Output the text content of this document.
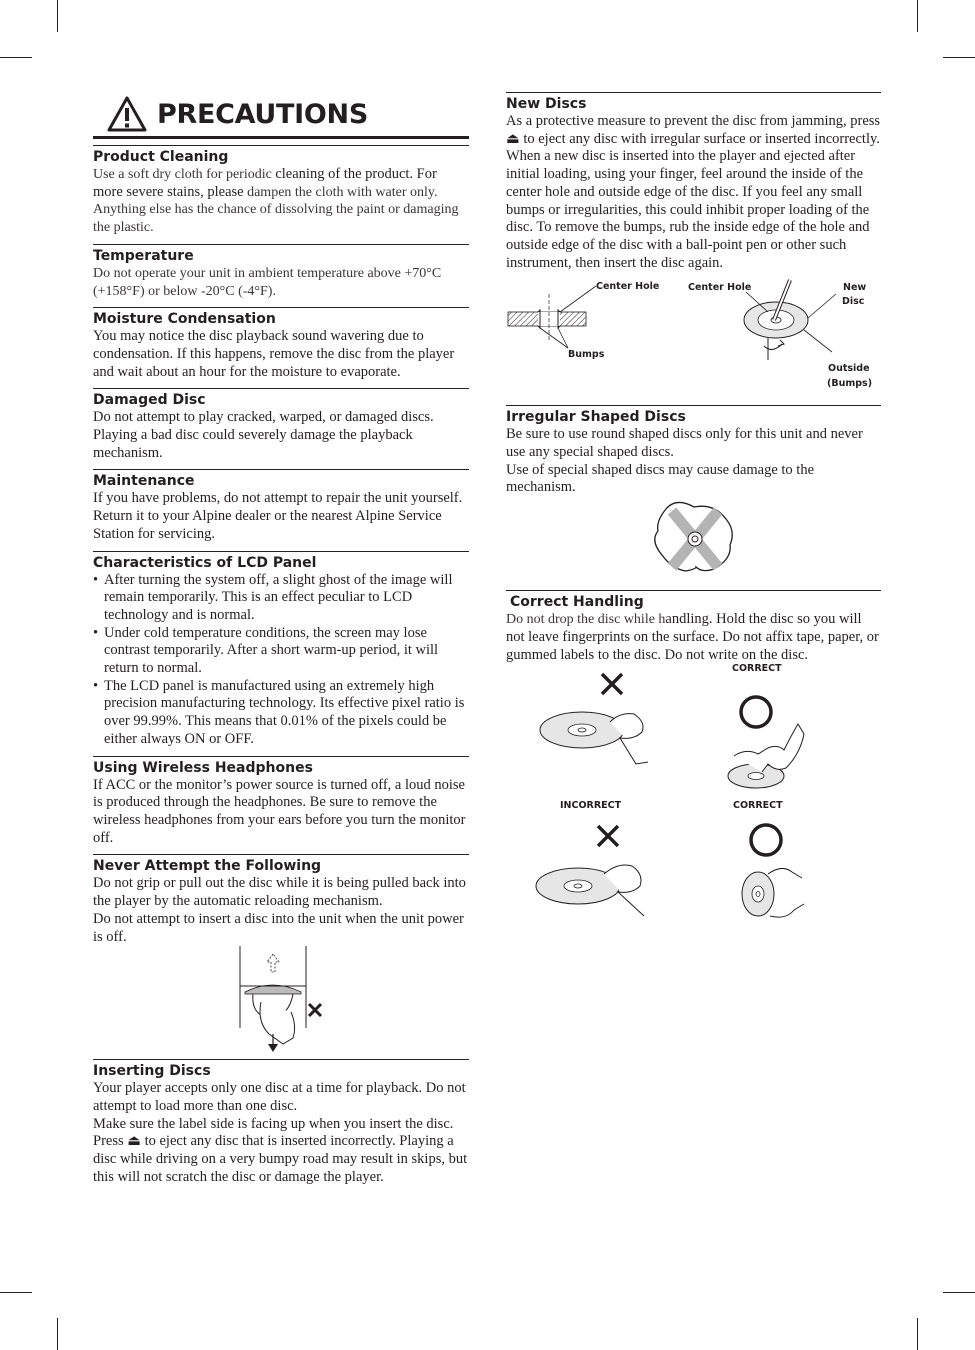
PRECAUTIONS
Product Cleaning

Use a soft dry cloth for periodic cleaning of the product. For more severe stains, please dampen the cloth with water only. Anything else has the chance of dissolving the paint or damaging the plastic.

Temperature

Do not operate your unit in ambient temperature above +70°C (+158°F) or below -20°C (-4°F).

Moisture Condensation

You may notice the disc playback sound wavering due to condensation. If this happens, remove the disc from the player and wait about an hour for the moisture to evaporate.

Damaged Disc

Do not attempt to play cracked, warped, or damaged discs. Playing a bad disc could severely damage the playback mechanism.

Maintenance

If you have problems, do not attempt to repair the unit yourself. Return it to your Alpine dealer or the nearest Alpine Service Station for servicing.

Characteristics of LCD Panel
• After turning the system off, a slight ghost of the image will remain temporarily. This is an effect peculiar to LCD technology and is normal.
• Under cold temperature conditions, the screen may lose contrast temporarily. After a short warm-up period, it will return to normal.
• The LCD panel is manufactured using an extremely high precision manufacturing technology. Its effective pixel ratio is over 99.99%. This means that 0.01% of the pixels could be either always ON or OFF.
Using Wireless Headphones

If ACC or the monitor’s power source is turned off, a loud noise is produced through the headphones. Be sure to remove the wireless headphones from your ears before you turn the monitor off.

Never Attempt the Following

Do not grip or pull out the disc while it is being pulled back into the player by the automatic reloading mechanism.

Do not attempt to insert a disc into the unit when the unit power is off.

Inserting Discs

Your player accepts only one disc at a time for playback. Do not attempt to load more than one disc.

Make sure the label side is facing up when you insert the disc. Press ⏏ to eject any disc that is inserted incorrectly. Playing a disc while driving on a very bumpy road may result in skips, but this will not scratch the disc or damage the player.

New Discs

As a protective measure to prevent the disc from jamming, press ⏏ to eject any disc with irregular surface or inserted incorrectly. When a new disc is inserted into the player and ejected after initial loading, using your finger, feel around the inside of the center hole and outside edge of the disc. If you feel any small bumps or irregularities, this could inhibit proper loading of the disc. To remove the bumps, rub the inside edge of the hole and outside edge of the disc with a ball-point pen or other such instrument, then insert the disc again.

Center Hole
Bumps
Center Hole	New
Disc
Outside
(Bumps)
Irregular Shaped Discs

Be sure to use round shaped discs only for this unit and never use any special shaped discs.

Use of special shaped discs may cause damage to the mechanism.

Correct Handling

Do not drop the disc while handling. Hold the disc so you will not leave fingerprints on the surface. Do not affix tape, paper, or gummed labels to the disc. Do not write on the disc.

CORRECT
INCORRECT	CORRECT
